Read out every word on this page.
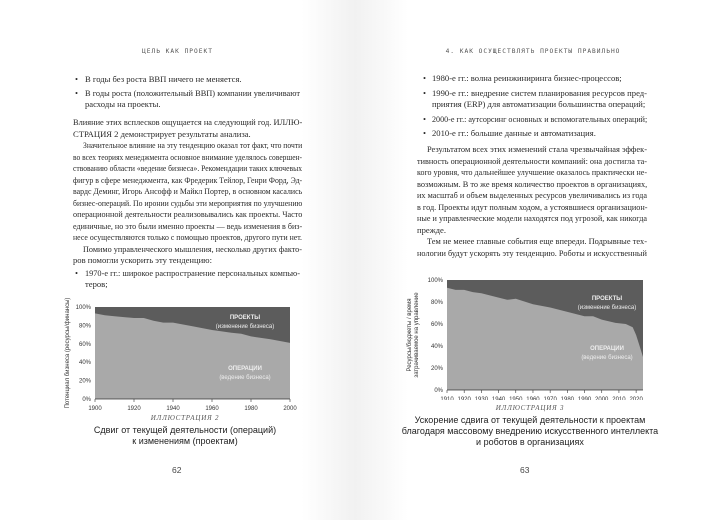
ЦЕЛЬ КАК ПРОЕКТ	4. КАК ОСУЩЕСТВЛЯТЬ ПРОЕКТЫ ПРАВИЛЬНО
0%
20%
40%
60%
80%
100%
1900	1920	1940	1960	1980	2000
ПРОЕКТЫ
(изменение бизнеса)
ОПЕРАЦИИ
(ведение бизнеса)
Потенциал бизнеса (ресурсы/финансы)	0%
20%
40%
60%
80%
100%
1910 1920 1930 1940 1950 1960 1970 1980 1990 2000 2010 2020
ПРОЕКТЫ
(изменение бизнеса)
ОПЕРАЦИИ
(ведение бизнеса)
Ресурсы/бюджеты / время затрачиваемое на управление
ИЛЛЮСТРАЦИЯ 2
Сдвиг от текущей деятельности (операций)
к изменениям (проектам)
ИЛЛЮСТРАЦИЯ 3
Ускорение сдвига от текущей деятельности к проектам
благодаря массовому внедрению искусственного интеллекта
и роботов в организациях
62	63
• В годы без роста ВВП ничего не меняется.
• В годы роста (положительный ВВП) компании увеличивают
расходы на проекты.
Влияние этих всплесков ощущается на следующий год. ИЛЛЮ-
СТРАЦИЯ 2 демонстрирует результаты анализа.
Значительное влияние на эту тенденцию оказал тот факт, что почти
во всех теориях менеджмента основное внимание уделялось совершен-
ствованию области «ведение бизнеса». Рекомендации таких ключевых
фигур в сфере менеджмента, как Фредерик Тейлор, Генри Форд, Эд-
вардс Деминг, Игорь Ансофф и Майкл Портер, в основном касались
бизнес-операций. По иронии судьбы эти мероприятия по улучшению
операционной деятельности реализовывались как проекты. Часто
единичные, но это были именно проекты — ведь изменения в биз-
несе осуществляются только с помощью проектов, другого пути нет.
Помимо управленческого мышления, несколько других факто-
ров помогли ускорить эту тенденцию:
• 1970-е гг.: широкое распространение персональных компью-
теров;
• 1980-е гг.: волна реинжиниринга бизнес-процессов;
• 1990-е гг.: внедрение систем планирования ресурсов пред-
приятия (ERP) для автоматизации большинства операций;
• 2000-е гг.: аутсорсинг основных и вспомогательных операций;
• 2010-е гг.: большие данные и автоматизация.
Результатом всех этих изменений стала чрезвычайная эффек-
тивность операционной деятельности компаний: она достигла та-
кого уровня, что дальнейшее улучшение оказалось практически не-
возможным. В то же время количество проектов в организациях,
их масштаб и объем выделенных ресурсов увеличивались из года
в год. Проекты идут полным ходом, а устоявшиеся организацион-
ные и управленческие модели находятся под угрозой, как никогда
прежде.
Тем не менее главные события еще впереди. Подрывные тех-
нологии будут ускорять эту тенденцию. Роботы и искусственный
